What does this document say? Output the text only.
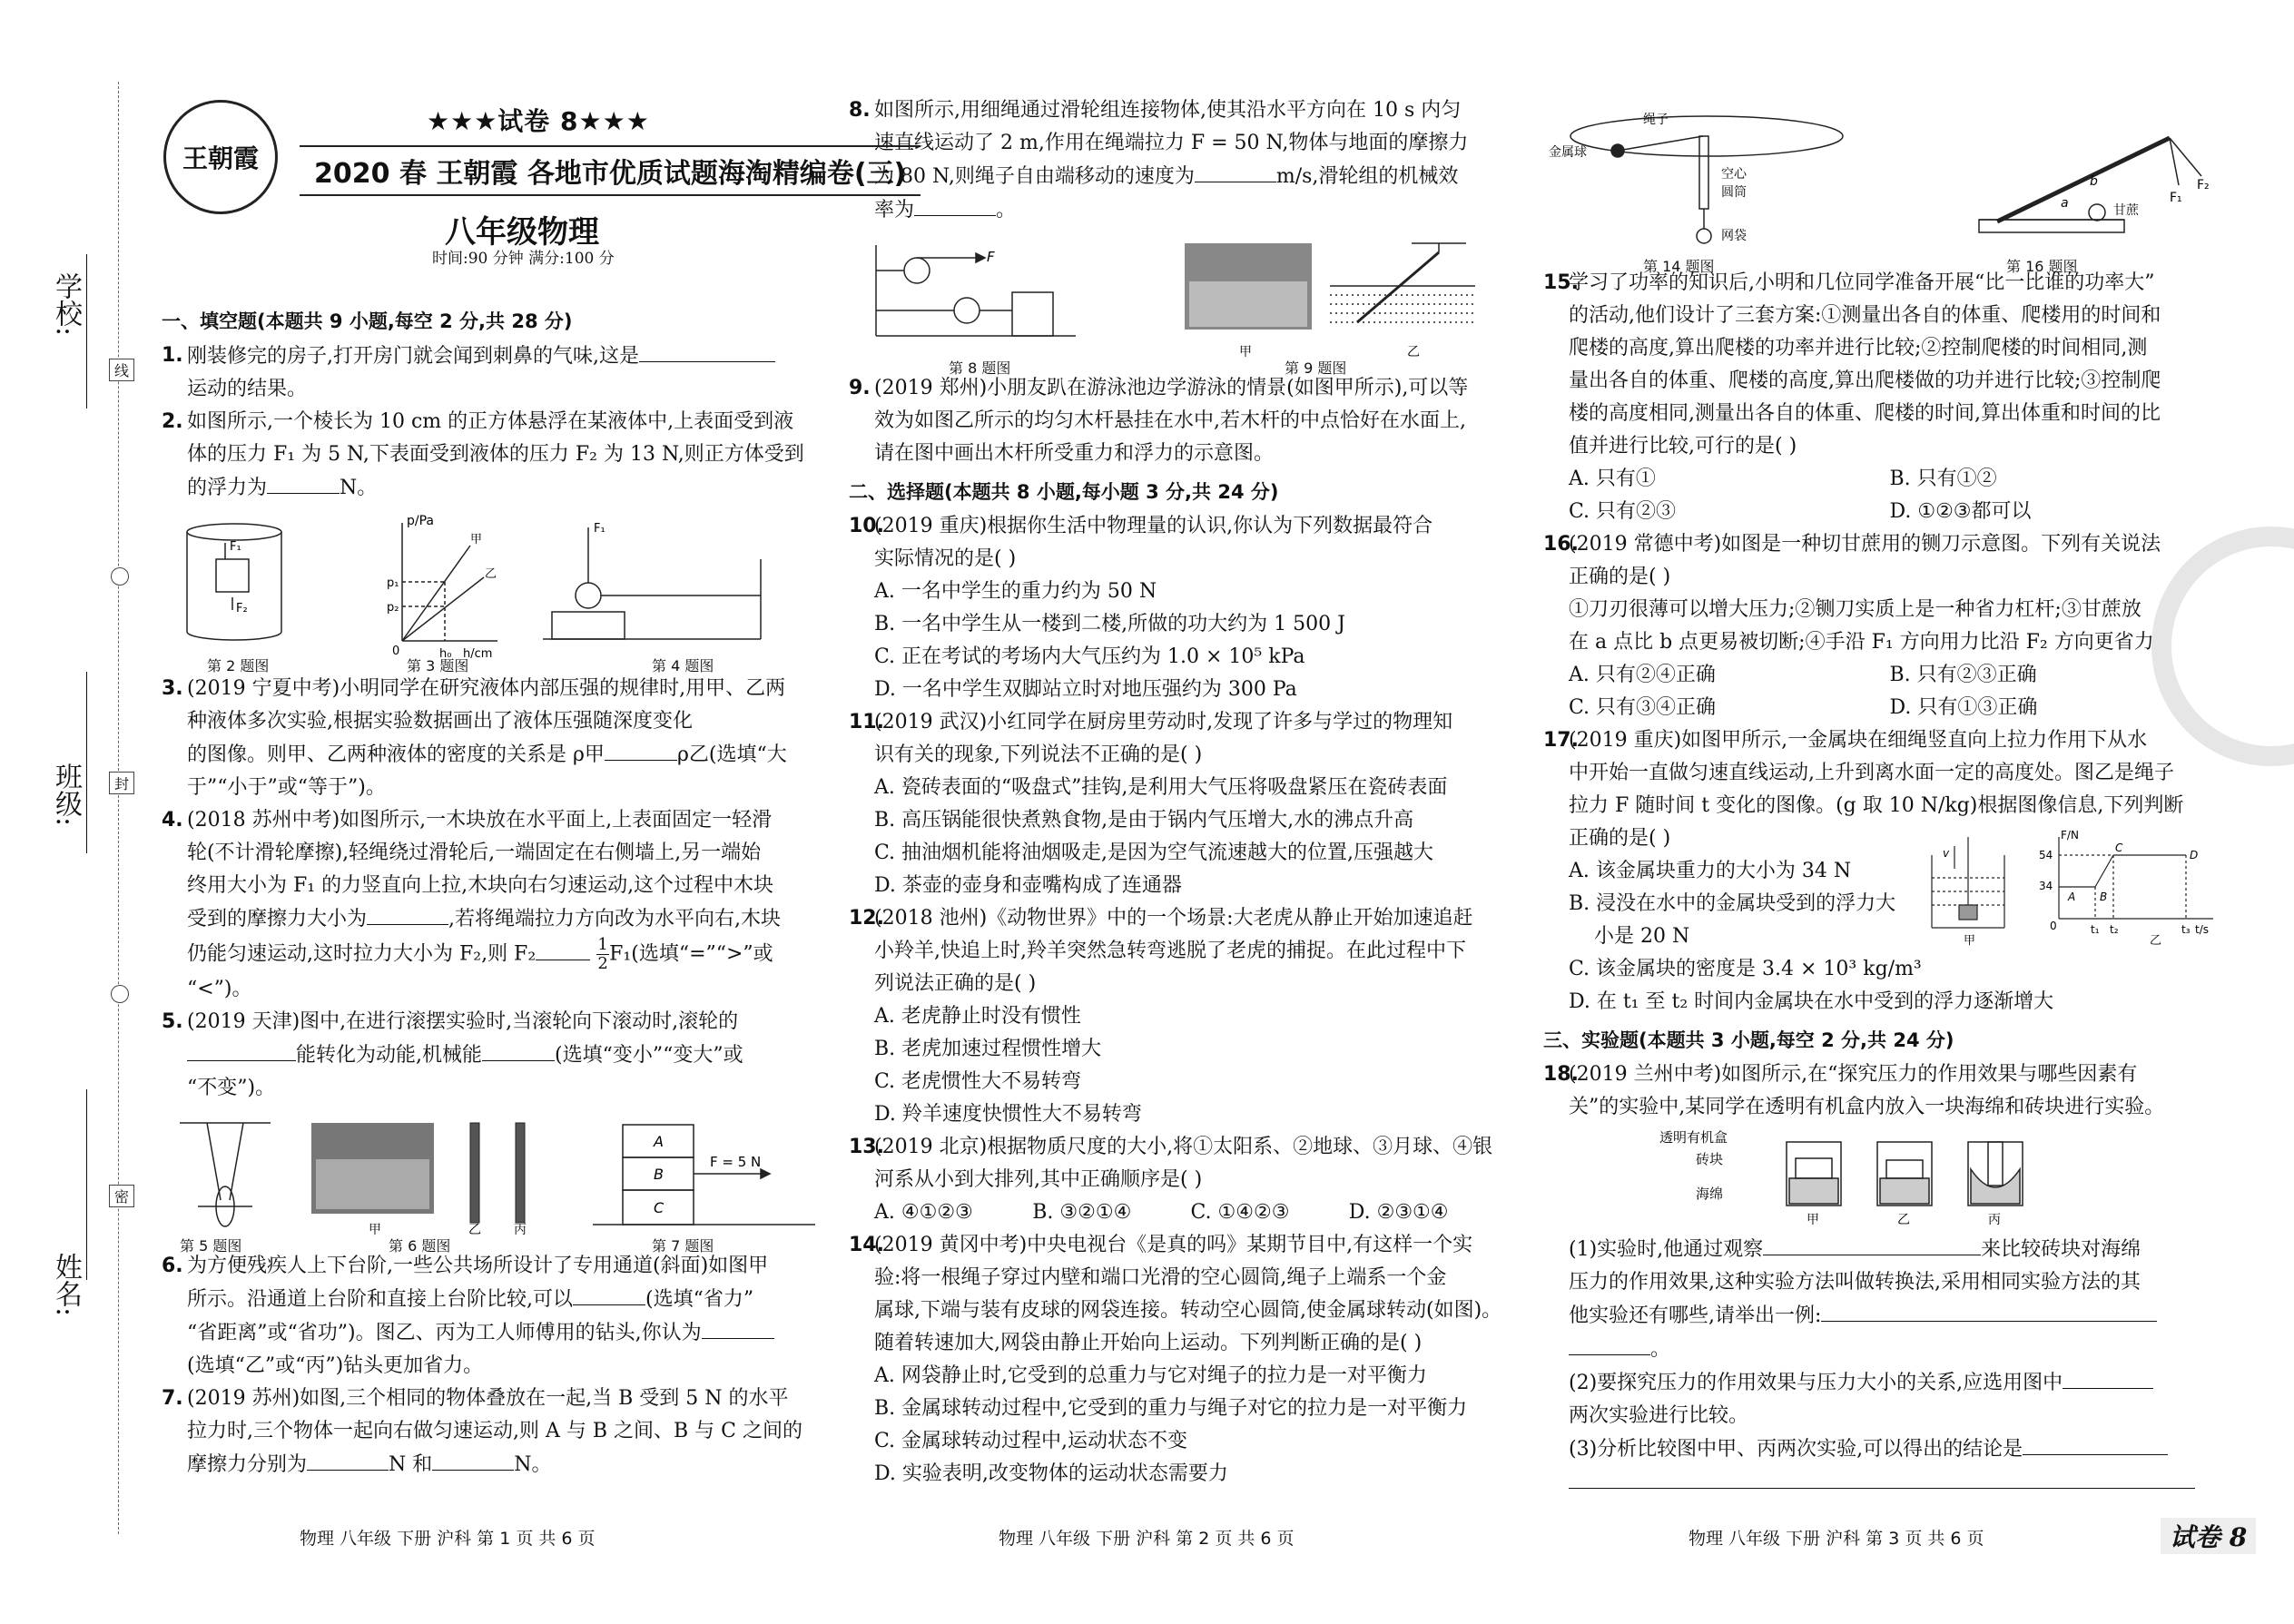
学校:
班级:
姓名:
线
封
密
王朝霞
★★★试卷 8★★★
2020 春 王朝霞 各地市优质试题海淘精编卷(三)
八年级物理
时间:90 分钟 满分:100 分
一、填空题(本题共 9 小题,每空 2 分,共 28 分)
1. 刚装修完的房子,打开房门就会闻到刺鼻的气味,这是
运动的结果。
2. 如图所示,一个棱长为 10 cm 的正方体悬浮在某液体中,上表面受到液
体的压力 F₁ 为 5 N,下表面受到液体的压力 F₂ 为 13 N,则正方体受到
的浮力为	N。
F₁
F₂
p/Pa
甲
乙
p₁
p₂
h₀ h/cm
0
F₁
第 2 题图	第 3 题图	第 4 题图
3. (2019 宁夏中考)小明同学在研究液体内部压强的规律时,用甲、乙两
种液体多次实验,根据实验数据画出了液体压强随深度变化
的图像。则甲、乙两种液体的密度的关系是 ρ甲	ρ乙(选填“大
于”“小于”或“等于”)。
4. (2018 苏州中考)如图所示,一木块放在水平面上,上表面固定一轻滑
轮(不计滑轮摩擦),轻绳绕过滑轮后,一端固定在右侧墙上,另一端始
终用大小为 F₁ 的力竖直向上拉,木块向右匀速运动,这个过程中木块
受到的摩擦力大小为	,若将绳端拉力方向改为水平向右,木块
仍能匀速运动,这时拉力大小为 F₂,则 F₂	$\frac{1}{2}F_1$(选填“=”“>”或
“<”)。
5. (2019 天津)图中,在进行滚摆实验时,当滚轮向下滚动时,滚轮的
能转化为动能,机械能	(选填“变小”“变大”或
“不变”)。
A
B
C
F = 5 N
甲	乙	丙
第 5 题图	第 6 题图	第 7 题图
6. 为方便残疾人上下台阶,一些公共场所设计了专用通道(斜面)如图甲
所示。沿通道上台阶和直接上台阶比较,可以	(选填“省力”
“省距离”或“省功”)。图乙、丙为工人师傅用的钻头,你认为
(选填“乙”或“丙”)钻头更加省力。
7. (2019 苏州)如图,三个相同的物体叠放在一起,当 B 受到 5 N 的水平
拉力时,三个物体一起向右做匀速运动,则 A 与 B 之间、B 与 C 之间的
摩擦力分别为	N 和	N。
8. 如图所示,用细绳通过滑轮组连接物体,使其沿水平方向在 10 s 内匀
速直线运动了 2 m,作用在绳端拉力 F = 50 N,物体与地面的摩擦力
为 80 N,则绳子自由端移动的速度为	m/s,滑轮组的机械效
率为	。
F
甲	乙
第 8 题图	第 9 题图
9. (2019 郑州)小朋友趴在游泳池边学游泳的情景(如图甲所示),可以等
效为如图乙所示的均匀木杆悬挂在水中,若木杆的中点恰好在水面上,
请在图中画出木杆所受重力和浮力的示意图。
二、选择题(本题共 8 小题,每小题 3 分,共 24 分)
10.
(2019 重庆)根据你生活中物理量的认识,你认为下列数据最符合
实际情况的是( )
A. 一名中学生的重力约为 50 N
B. 一名中学生从一楼到二楼,所做的功大约为 1 500 J
C. 正在考试的考场内大气压约为 1.0 × 10⁵ kPa
D. 一名中学生双脚站立时对地压强约为 300 Pa
11.
(2019 武汉)小红同学在厨房里劳动时,发现了许多与学过的物理知
识有关的现象,下列说法不正确的是( )
A. 瓷砖表面的“吸盘式”挂钩,是利用大气压将吸盘紧压在瓷砖表面
B. 高压锅能很快煮熟食物,是由于锅内气压增大,水的沸点升高
C. 抽油烟机能将油烟吸走,是因为空气流速越大的位置,压强越大
D. 茶壶的壶身和壶嘴构成了连通器
12.
(2018 池州)《动物世界》中的一个场景:大老虎从静止开始加速追赶
小羚羊,快追上时,羚羊突然急转弯逃脱了老虎的捕捉。在此过程中下
列说法正确的是( )
A. 老虎静止时没有惯性
B. 老虎加速过程惯性增大
C. 老虎惯性大不易转弯
D. 羚羊速度快惯性大不易转弯
13.
(2019 北京)根据物质尺度的大小,将①太阳系、②地球、③月球、④银
河系从小到大排列,其中正确顺序是( )
A. ④①②③	B. ③②①④	C. ①④②③	D. ②③①④
14.
(2019 黄冈中考)中央电视台《是真的吗》某期节目中,有这样一个实
验:将一根绳子穿过内壁和端口光滑的空心圆筒,绳子上端系一个金
属球,下端与装有皮球的网袋连接。转动空心圆筒,使金属球转动(如图)。
随着转速加大,网袋由静止开始向上运动。下列判断正确的是( )
A. 网袋静止时,它受到的总重力与它对绳子的拉力是一对平衡力
B. 金属球转动过程中,它受到的重力与绳子对它的拉力是一对平衡力
C. 金属球转动过程中,运动状态不变
D. 实验表明,改变物体的运动状态需要力
绳子
金属球
空心
圆筒
网袋
a
b
甘蔗
F₁
F₂
第 14 题图	第 16 题图
15.
学习了功率的知识后,小明和几位同学准备开展“比一比谁的功率大”
的活动,他们设计了三套方案:①测量出各自的体重、爬楼用的时间和
爬楼的高度,算出爬楼的功率并进行比较;②控制爬楼的时间相同,测
量出各自的体重、爬楼的高度,算出爬楼做的功并进行比较;③控制爬
楼的高度相同,测量出各自的体重、爬楼的时间,算出体重和时间的比
值并进行比较,可行的是( )
A. 只有①	B. 只有①②
C. 只有②③	D. ①②③都可以
16.
(2019 常德中考)如图是一种切甘蔗用的铡刀示意图。下列有关说法
正确的是( )
①刀刃很薄可以增大压力;②铡刀实质上是一种省力杠杆;③甘蔗放
在 a 点比 b 点更易被切断;④手沿 F₁ 方向用力比沿 F₂ 方向更省力。
A. 只有②④正确	B. 只有②③正确
C. 只有③④正确	D. 只有①③正确
17.
(2019 重庆)如图甲所示,一金属块在细绳竖直向上拉力作用下从水
中开始一直做匀速直线运动,上升到离水面一定的高度处。图乙是绳子
拉力 F 随时间 t 变化的图像。(g 取 10 N/kg)根据图像信息,下列判断
正确的是( )
A. 该金属块重力的大小为 34 N
B. 浸没在水中的金属块受到的浮力大
小是 20 N
C. 该金属块的密度是 3.4 × 10³ kg/m³
v
甲
F/N
54
34
0	t₁ t₂	t₃ t/s
A B
C
D
乙
D. 在 t₁ 至 t₂ 时间内金属块在水中受到的浮力逐渐增大
三、实验题(本题共 3 小题,每空 2 分,共 24 分)
18.
(2019 兰州中考)如图所示,在“探究压力的作用效果与哪些因素有
关”的实验中,某同学在透明有机盒内放入一块海绵和砖块进行实验。
透明有机盒
砖块
海绵
甲	乙	丙
(1)实验时,他通过观察	来比较砖块对海绵
压力的作用效果,这种实验方法叫做转换法,采用相同实验方法的其
他实验还有哪些,请举出一例:
。
(2)要探究压力的作用效果与压力大小的关系,应选用图中
两次实验进行比较。
(3)分析比较图中甲、丙两次实验,可以得出的结论是

物理 八年级 下册 沪科 第 1 页 共 6 页	物理 八年级 下册 沪科 第 2 页 共 6 页	物理 八年级 下册 沪科 第 3 页 共 6 页	试卷 8
